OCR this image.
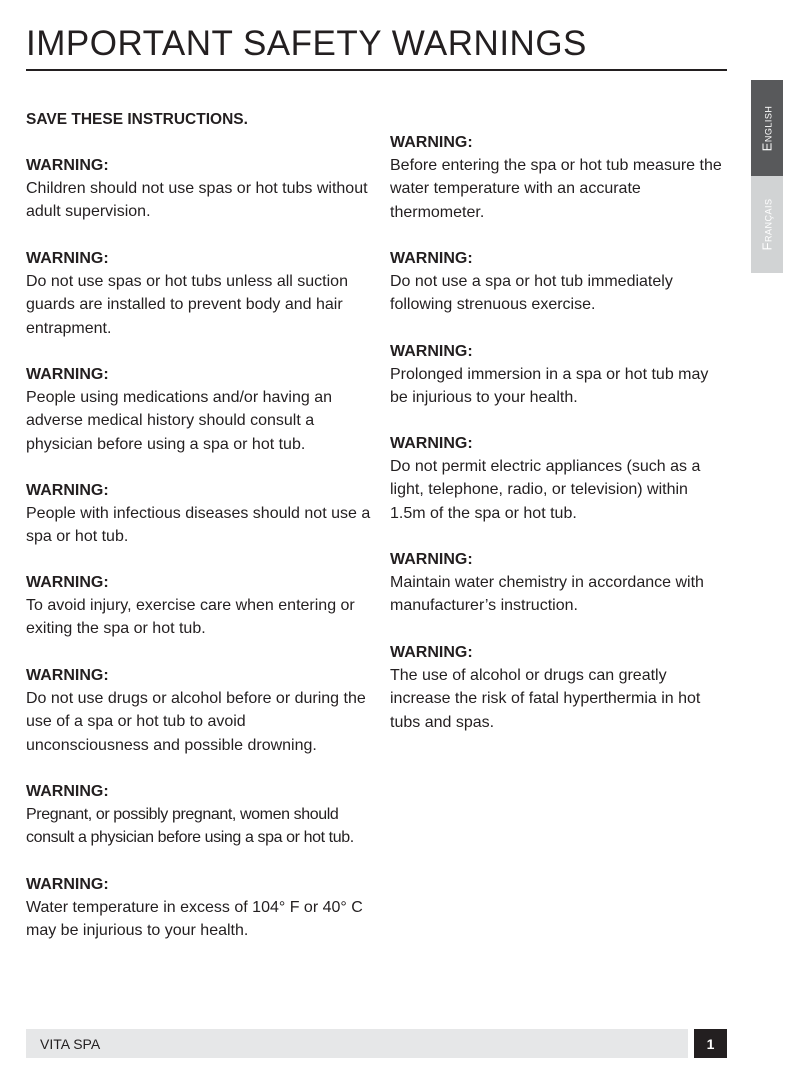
IMPORTANT SAFETY WARNINGS
SAVE THESE INSTRUCTIONS.
WARNING:
Children should not use spas or hot tubs without adult supervision.
WARNING:
Do not use spas or hot tubs unless all suction guards are installed to prevent body and hair entrapment.
WARNING:
People using medications and/or having an adverse medical history should consult a physician before using a spa or hot tub.
WARNING:
People with infectious diseases should not use a spa or hot tub.
WARNING:
To avoid injury, exercise care when entering or exiting the spa or hot tub.
WARNING:
Do not use drugs or alcohol before or during the use of a spa or hot tub to avoid unconsciousness and possible drowning.
WARNING:
Pregnant, or possibly pregnant, women should consult a physician before using a spa or hot tub.
WARNING:
Water temperature in excess of 104° F or 40° C may be injurious to your health.
WARNING:
Before entering the spa or hot tub measure the water temperature with an accurate thermometer.
WARNING:
Do not use a spa or hot tub immediately following strenuous exercise.
WARNING:
Prolonged immersion in a spa or hot tub may be injurious to your health.
WARNING:
Do not permit electric appliances (such as a light, telephone, radio, or television) within 1.5m of the spa or hot tub.
WARNING:
Maintain water chemistry in accordance with manufacturer’s instruction.
WARNING:
The use of alcohol or drugs can greatly increase the risk of fatal hyperthermia in hot tubs and spas.
English
Français
VITA SPA	1
